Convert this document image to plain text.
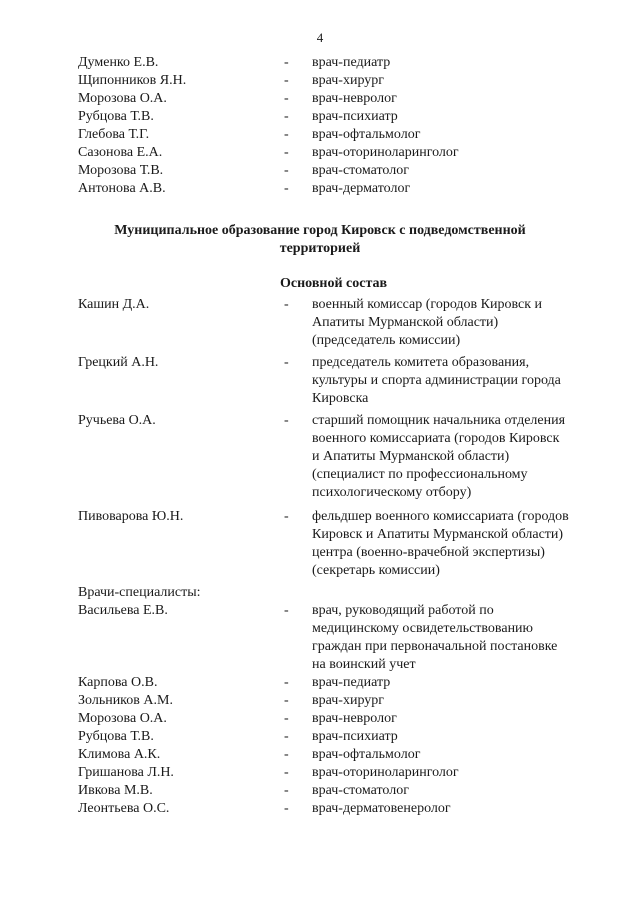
4
Думенко Е.В.	- врач-педиатр
Щипонников Я.Н.	- врач-хирург
Морозова О.А.	- врач-невролог
Рубцова Т.В.	- врач-психиатр
Глебова Т.Г.	- врач-офтальмолог
Сазонова Е.А.	- врач-оториноларинголог
Морозова Т.В.	- врач-стоматолог
Антонова А.В.	- врач-дерматолог
Муниципальное образование город Кировск с подведомственной
территорией
Основной состав
Кашин Д.А.	- военный комиссар (городов Кировск и
Апатиты Мурманской области)
(председатель комиссии)
Грецкий А.Н.	- председатель комитета образования,
культуры и спорта администрации города
Кировска
Ручьева О.А.	- старший помощник начальника отделения
военного комиссариата (городов Кировск
и Апатиты Мурманской области)
(специалист по профессиональному
психологическому отбору)
Пивоварова Ю.Н.	- фельдшер военного комиссариата (городов
Кировск и Апатиты Мурманской области)
центра (военно-врачебной экспертизы)
(секретарь комиссии)
Врачи-специалисты:
Васильева Е.В.	- врач, руководящий работой по
медицинскому освидетельствованию
граждан при первоначальной постановке
на воинский учет
Карпова О.В.	- врач-педиатр
Зольников А.М.	- врач-хирург
Морозова О.А.	- врач-невролог
Рубцова Т.В.	- врач-психиатр
Климова А.К.	- врач-офтальмолог
Гришанова Л.Н.	- врач-оториноларинголог
Ивкова М.В.	- врач-стоматолог
Леонтьева О.С.	- врач-дерматовенеролог
